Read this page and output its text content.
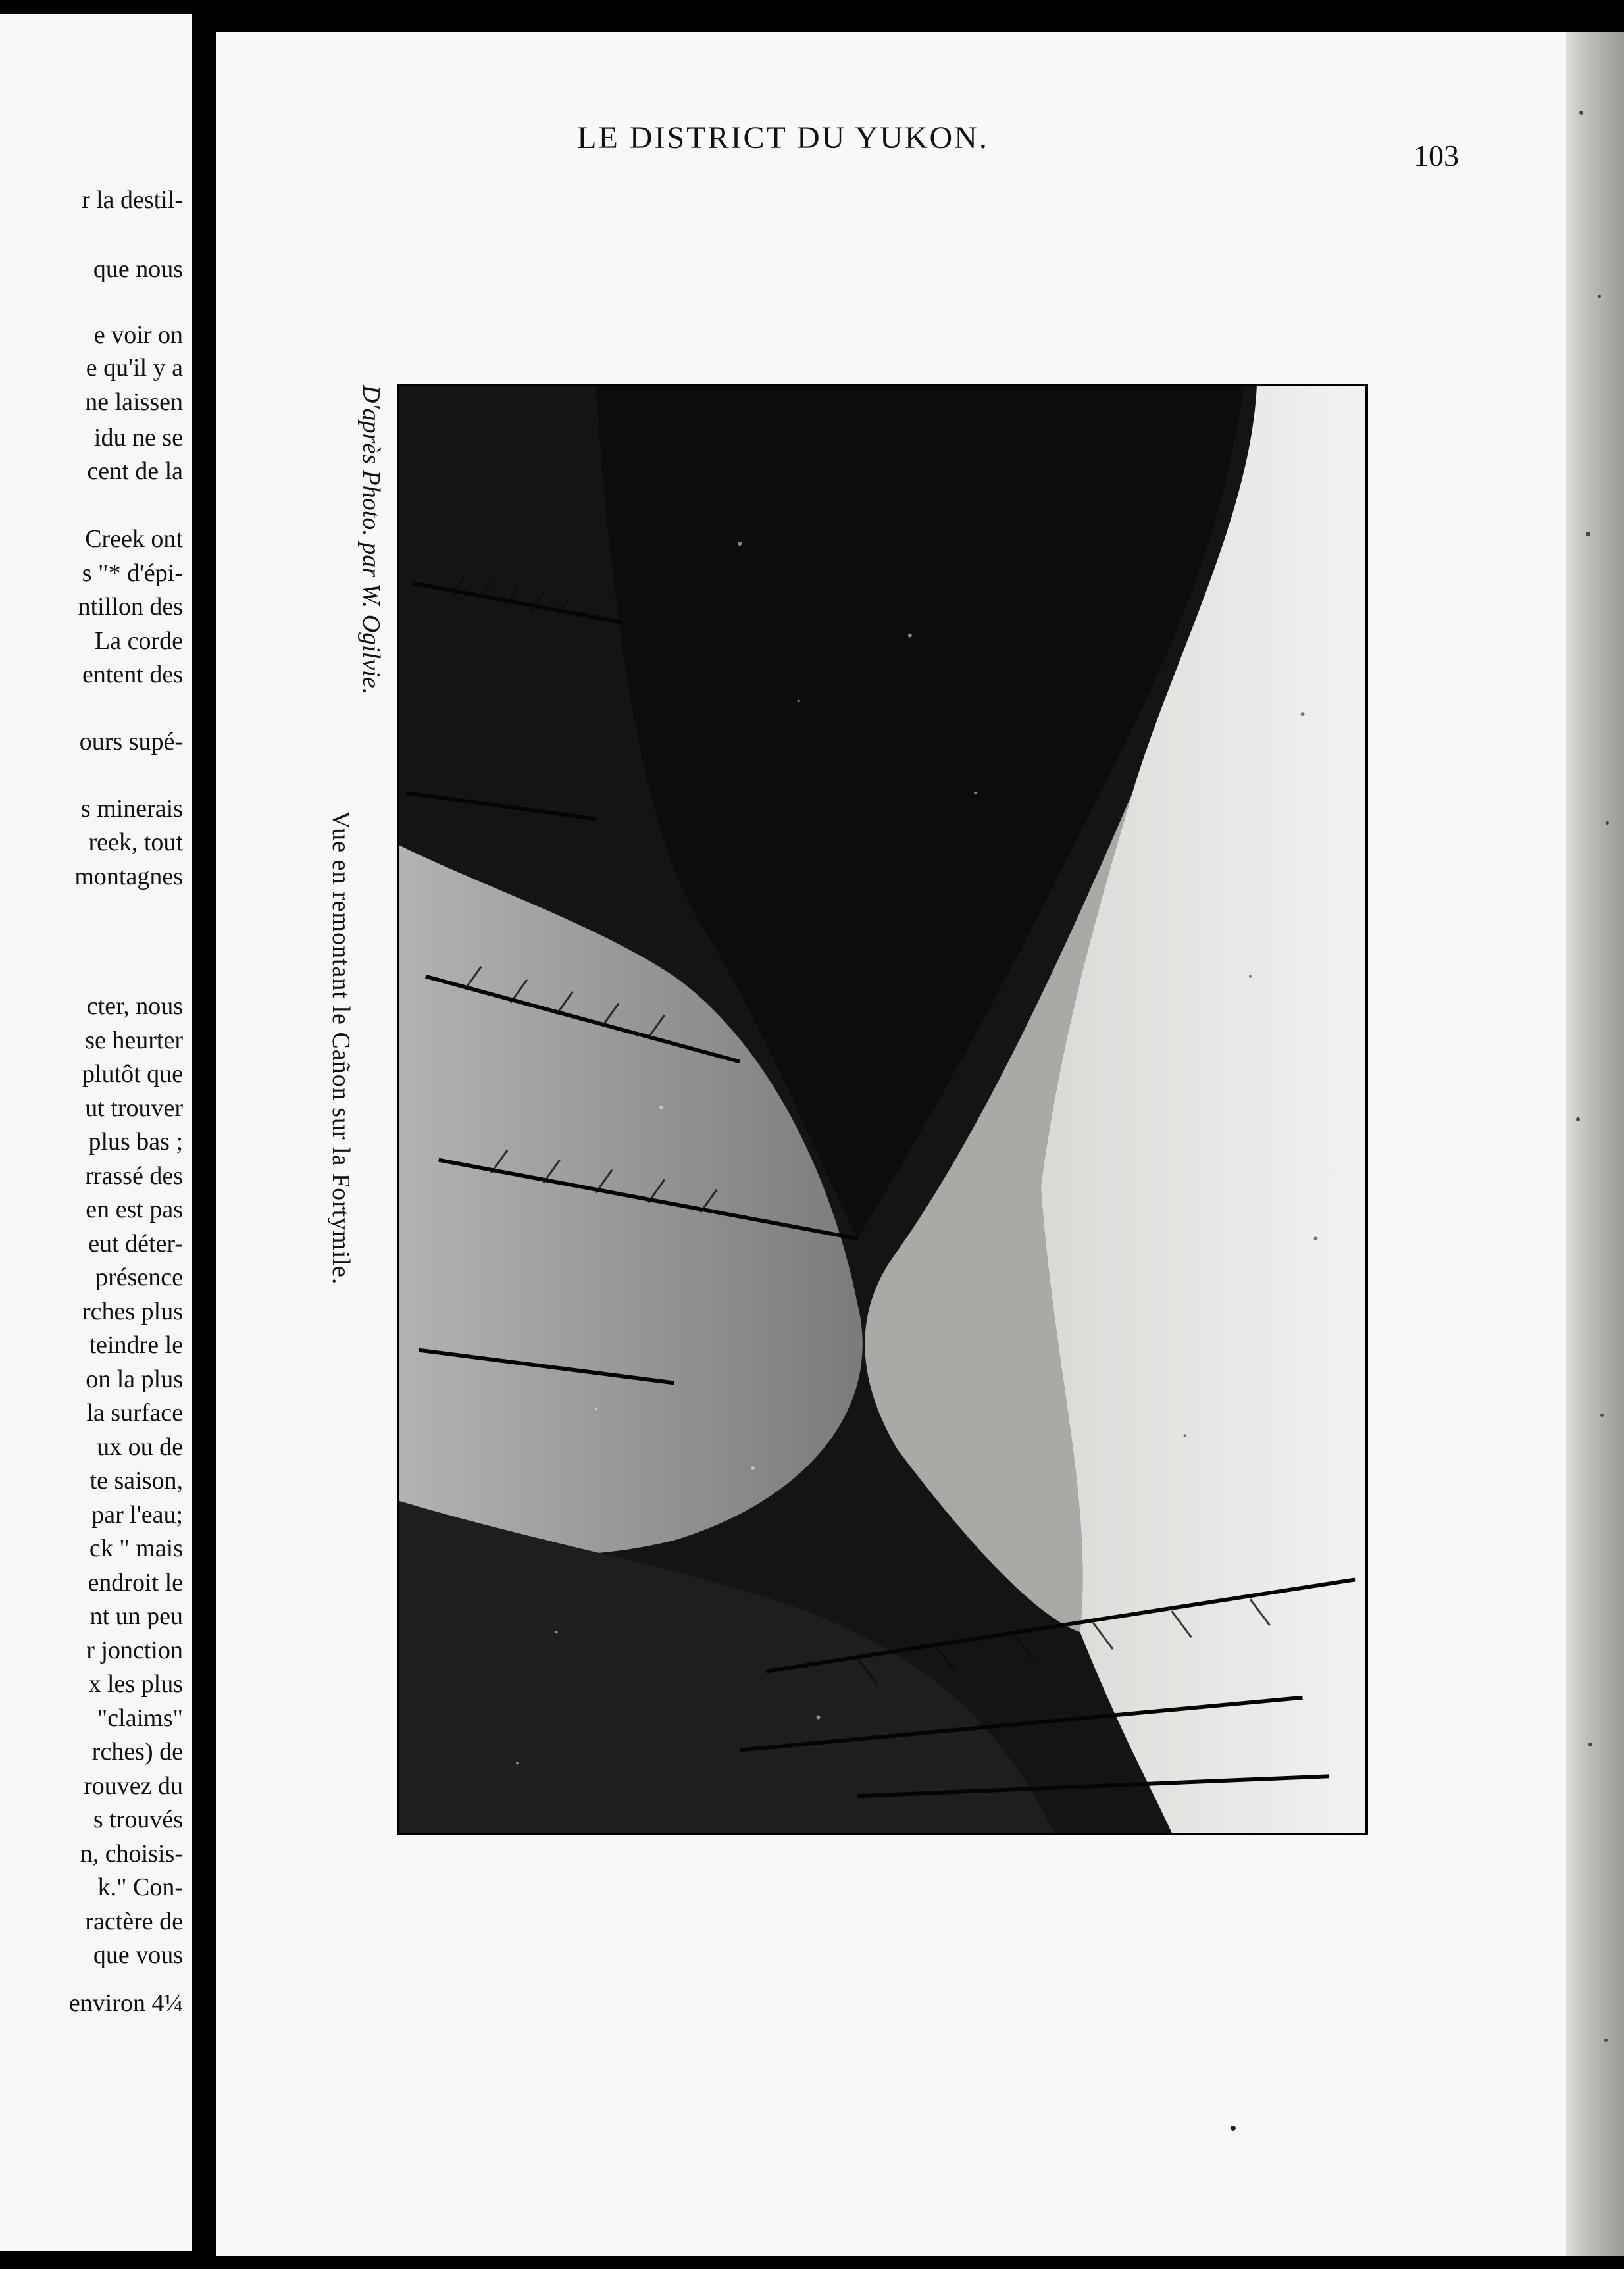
r la destil-
que nous
e voir on
e qu'il y a
ne laissen
idu ne se
cent de la
Creek ont
s "* d'épi-
ntillon des
La corde
entent des
ours supé-
s minerais
reek, tout
montagnes
cter, nous
se heurter
plutôt que
ut trouver
plus bas ;
rrassé des
en est pas
eut déter-
présence
rches plus
teindre le
on la plus
la surface
ux ou de
te saison,
par l'eau;
ck " mais
endroit le
nt un peu
r jonction
x les plus
"claims"
rches) de
rouvez du
s trouvés
n, choisis-
k." Con-
ractère de
que vous
environ 4¼
LE DISTRICT DU YUKON.
103
D'après Photo. par W. Ogilvie.
Vue en remontant le Cañon sur la Fortymile.
